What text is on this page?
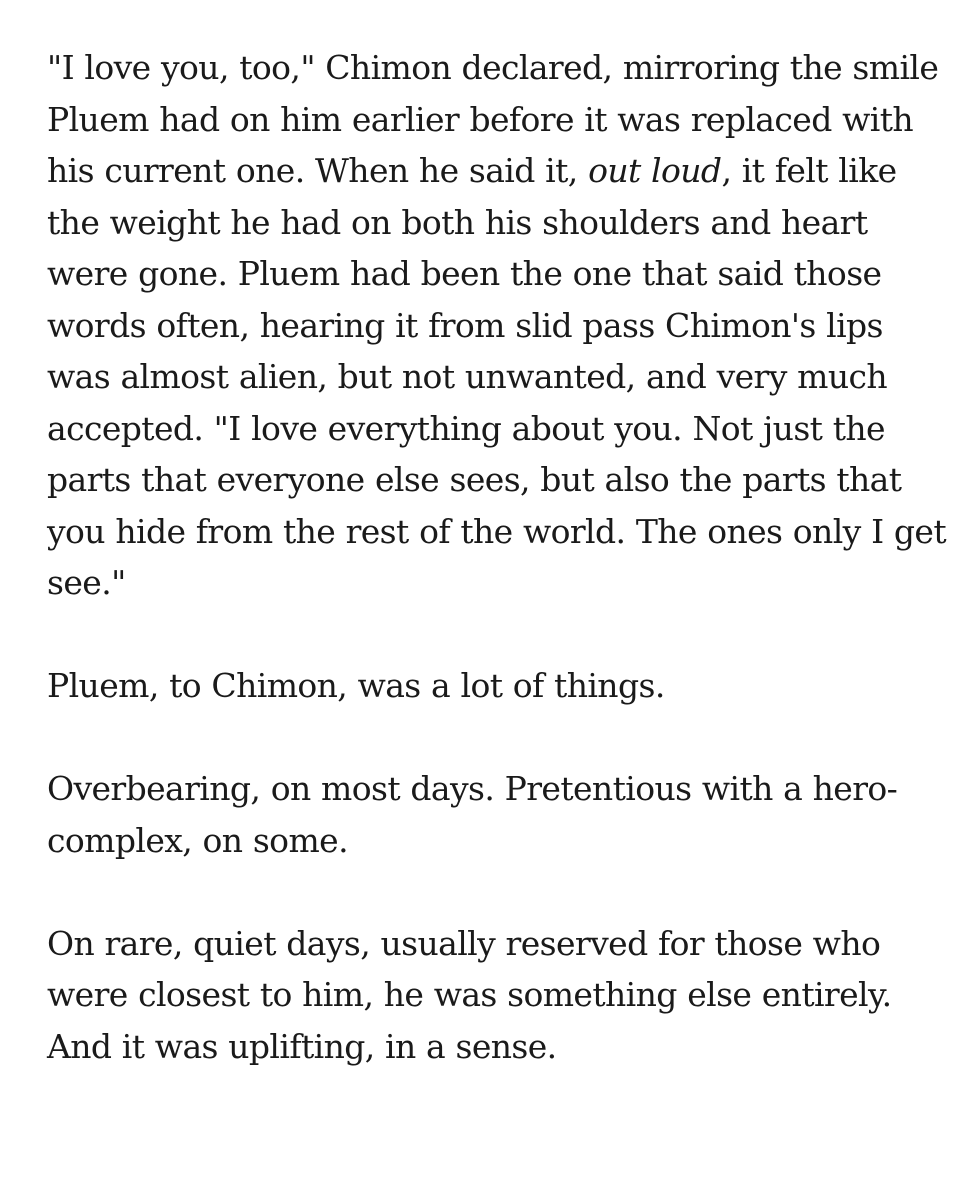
"I love you, too," Chimon declared, mirroring the smile Pluem had on him earlier before it was replaced with his current one. When he said it, out loud, it felt like the weight he had on both his shoulders and heart were gone. Pluem had been the one that said those words often, hearing it from slid pass Chimon's lips was almost alien, but not unwanted, and very much accepted. "I love everything about you. Not just the parts that everyone else sees, but also the parts that you hide from the rest of the world. The ones only I get see."

Pluem, to Chimon, was a lot of things.

Overbearing, on most days. Pretentious with a hero-complex, on some.

On rare, quiet days, usually reserved for those who were closest to him, he was something else entirely. And it was uplifting, in a sense.
